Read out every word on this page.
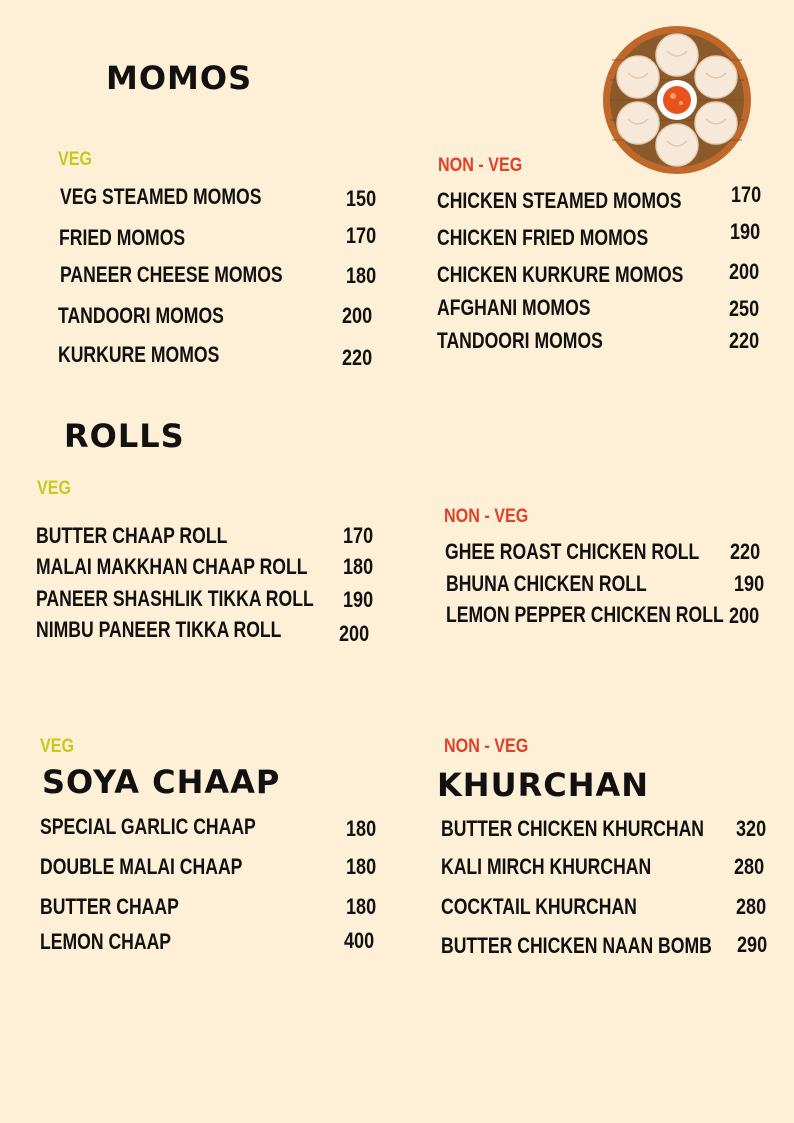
MOMOS
VEG	NON - VEG
VEG STEAMED MOMOS	150
FRIED MOMOS	170
PANEER CHEESE MOMOS	180
TANDOORI MOMOS	200
KURKURE MOMOS	220
CHICKEN STEAMED MOMOS 170
CHICKEN FRIED MOMOS	190
CHICKEN KURKURE MOMOS 200
AFGHANI MOMOS	250
TANDOORI MOMOS	220
ROLLS
VEG
NON - VEG
BUTTER CHAAP ROLL	170
MALAI MAKKHAN CHAAP ROLL 180
PANEER SHASHLIK TIKKA ROLL 190
NIMBU PANEER TIKKA ROLL	200
GHEE ROAST CHICKEN ROLL 220
BHUNA CHICKEN ROLL	190
LEMON PEPPER CHICKEN ROLL 200
VEG
SOYA CHAAP
SPECIAL GARLIC CHAAP	180
DOUBLE MALAI CHAAP	180
BUTTER CHAAP	180
LEMON CHAAP	400
NON - VEG
KHURCHAN
BUTTER CHICKEN KHURCHAN 320
KALI MIRCH KHURCHAN	280
COCKTAIL KHURCHAN	280
BUTTER CHICKEN NAAN BOMB 290
